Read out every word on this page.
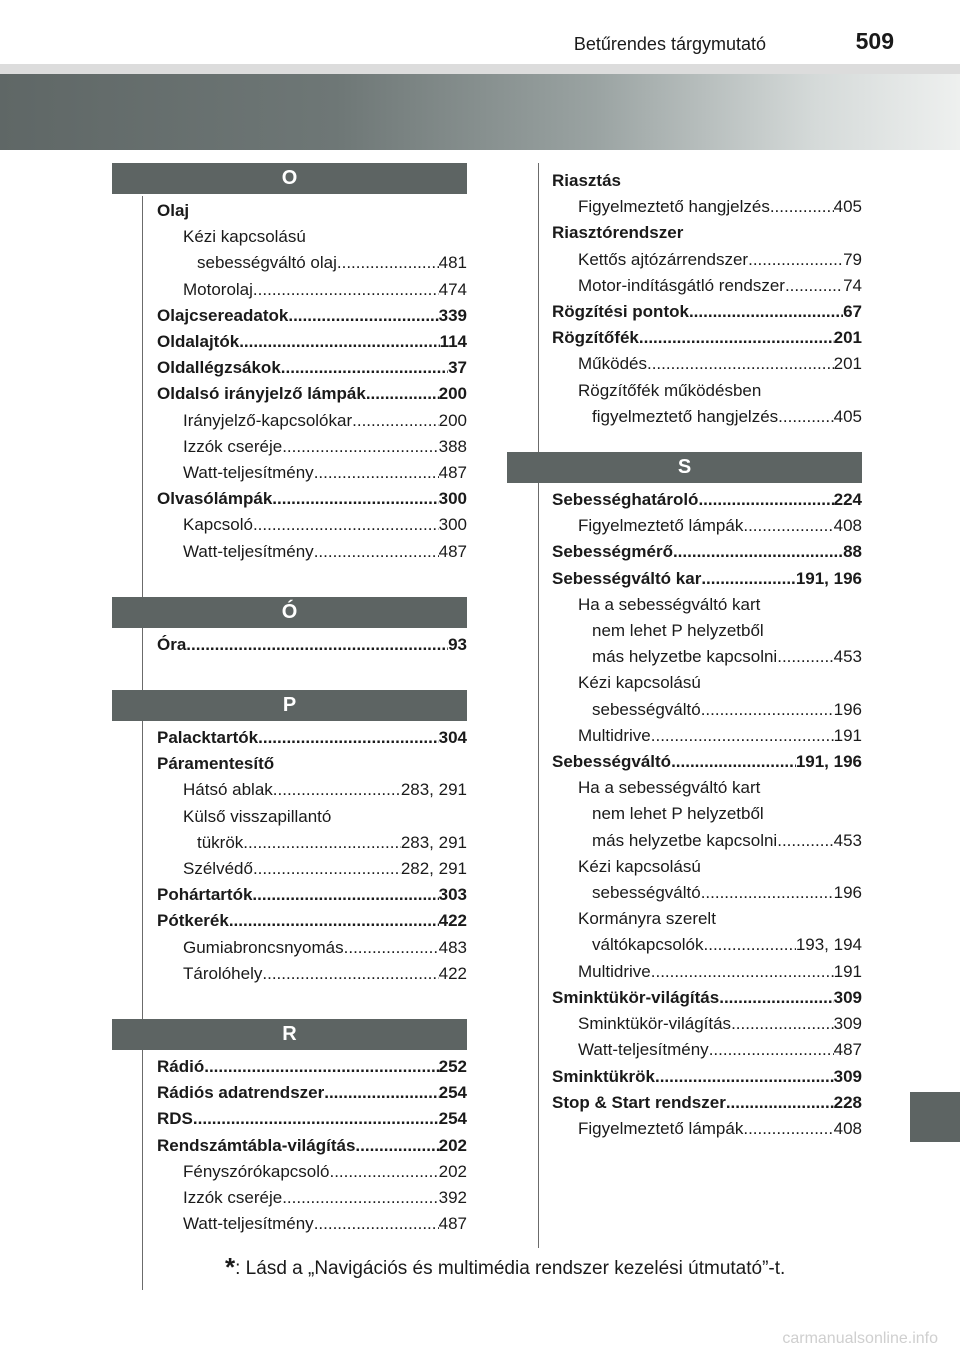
Betűrendes tárgymutató	509
O
Olaj
Kézi kapcsolású
sebességváltó olaj .....	481
Motorolaj .....	474
Olajcsereadatok .....	339
Oldalajtók .....	114
Oldallégzsákok .....	37
Oldalsó irányjelző lámpák .....	200
Irányjelző-kapcsolókar .....	200
Izzók cseréje .....	388
Watt-teljesítmény .....	487
Olvasólámpák .....	300
Kapcsoló .....	300
Watt-teljesítmény .....	487
Ó
Óra .....	93
P
Palacktartók .....	304
Páramentesítő
Hátsó ablak .....	283, 291
Külső visszapillantó
tükrök .....	283, 291
Szélvédő .....	282, 291
Pohártartók .....	303
Pótkerék .....	422
Gumiabroncsnyomás .....	483
Tárolóhely .....	422
R
Rádió .....	252
Rádiós adatrendszer .....	254
RDS .....	254
Rendszámtábla-világítás .....	202
Fényszórókapcsoló .....	202
Izzók cseréje .....	392
Watt-teljesítmény .....	487
Riasztás
Figyelmeztető hangjelzés .....	405
Riasztórendszer
Kettős ajtózárrendszer .....	79
Motor-indításgátló rendszer .....	74
Rögzítési pontok .....	67
Rögzítőfék .....	201
Működés .....	201
Rögzítőfék működésben
figyelmeztető hangjelzés .....	405
S
Sebességhatároló .....	224
Figyelmeztető lámpák .....	408
Sebességmérő .....	88
Sebességváltó kar .....	191, 196
Ha a sebességváltó kart
nem lehet P helyzetből
más helyzetbe kapcsolni .....	453
Kézi kapcsolású
sebességváltó .....	196
Multidrive .....	191
Sebességváltó .....	191, 196
Ha a sebességváltó kart
nem lehet P helyzetből
más helyzetbe kapcsolni .....	453
Kézi kapcsolású
sebességváltó .....	196
Kormányra szerelt
váltókapcsolók .....	193, 194
Multidrive .....	191
Sminktükör-világítás .....	309
Sminktükör-világítás .....	309
Watt-teljesítmény .....	487
Sminktükrök .....	309
Stop & Start rendszer .....	228
Figyelmeztető lámpák .....	408
*: Lásd a „Navigációs és multimédia rendszer kezelési útmutató”-t.
carmanualsonline.info
